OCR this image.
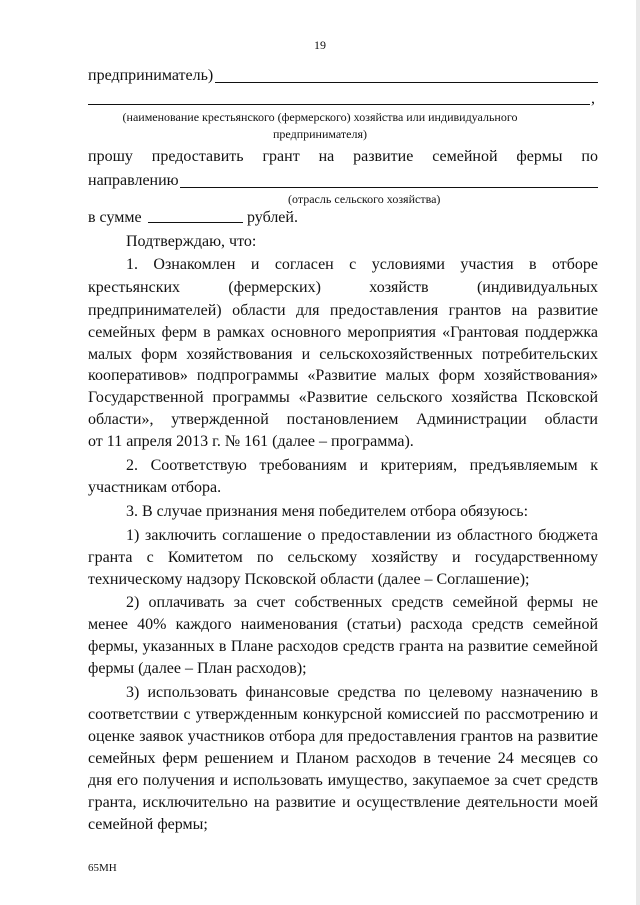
19
предприниматель)
,
(наименование крестьянского (фермерского) хозяйства или индивидуального
предпринимателя)
прошу предоставить грант на развитие семейной фермы по
направлению
(отрасль сельского хозяйства)
в сумме	рублей.
Подтверждаю, что:
1. Ознакомлен и согласен с условиями участия в отборе
крестьянских (фермерских) хозяйств (индивидуальных
предпринимателей) области для предоставления грантов на развитие
семейных ферм в рамках основного мероприятия «Грантовая поддержка
малых форм хозяйствования и сельскохозяйственных потребительских
кооперативов» подпрограммы «Развитие малых форм хозяйствования»
Государственной программы «Развитие сельского хозяйства Псковской
области», утвержденной постановлением Администрации области
от 11 апреля 2013 г. № 161 (далее – программа).
2. Соответствую требованиям и критериям, предъявляемым к
участникам отбора.
3. В случае признания меня победителем отбора обязуюсь:
1) заключить соглашение о предоставлении из областного бюджета
гранта с Комитетом по сельскому хозяйству и государственному
техническому надзору Псковской области (далее – Соглашение);
2) оплачивать за счет собственных средств семейной фермы не
менее 40% каждого наименования (статьи) расхода средств семейной
фермы, указанных в Плане расходов средств гранта на развитие семейной
фермы (далее – План расходов);
3) использовать финансовые средства по целевому назначению в
соответствии с утвержденным конкурсной комиссией по рассмотрению и
оценке заявок участников отбора для предоставления грантов на развитие
семейных ферм решением и Планом расходов в течение 24 месяцев со
дня его получения и использовать имущество, закупаемое за счет средств
гранта, исключительно на развитие и осуществление деятельности моей
семейной фермы;
65МН
